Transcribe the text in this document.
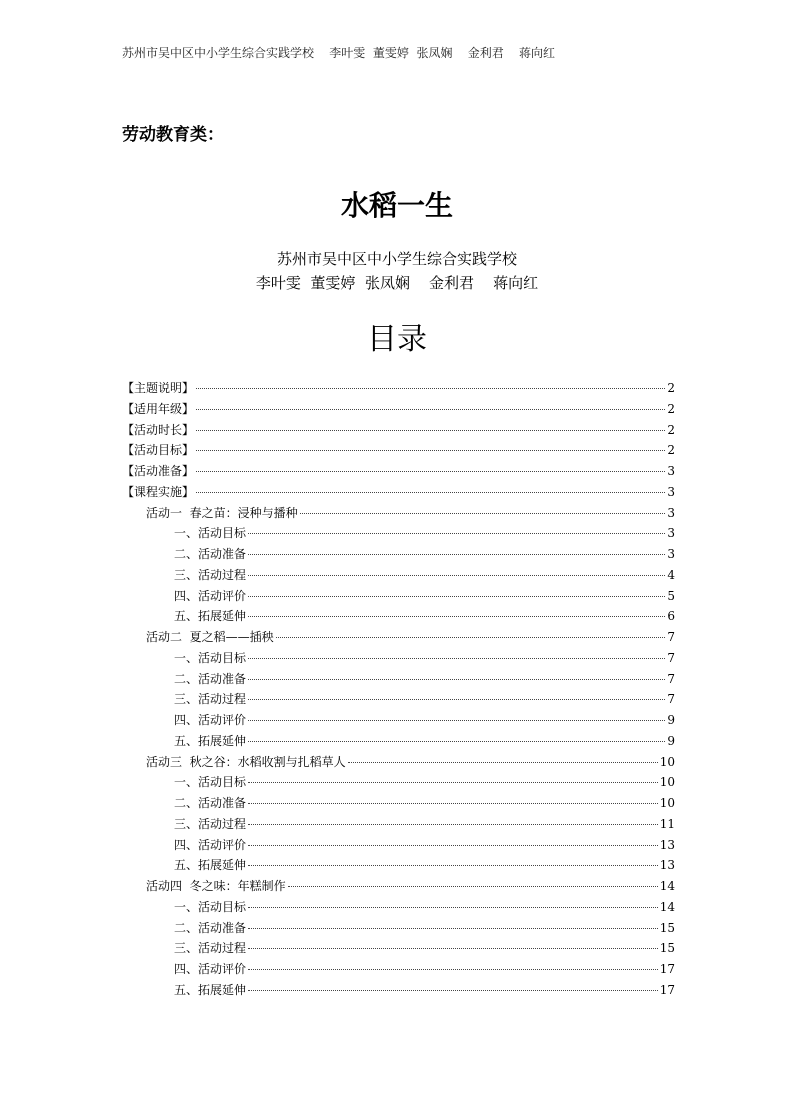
苏州市吴中区中小学生综合实践学校    李叶雯  董雯婷  张凤娴    金利君    蒋向红
劳动教育类：
水稻一生
苏州市吴中区中小学生综合实践学校
李叶雯  董雯婷  张凤娴    金利君    蒋向红
目录
【主题说明】	2
【适用年级】	2
【活动时长】	2
【活动目标】	2
【活动准备】	3
【课程实施】	3
活动一  春之苗：浸种与播种	3
一、活动目标	3
二、活动准备	3
三、活动过程	4
四、活动评价	5
五、拓展延伸	6
活动二  夏之稻——插秧	7
一、活动目标	7
二、活动准备	7
三、活动过程	7
四、活动评价	9
五、拓展延伸	9
活动三  秋之谷：水稻收割与扎稻草人	10
一、活动目标	10
二、活动准备	10
三、活动过程	11
四、活动评价	13
五、拓展延伸	13
活动四  冬之味：年糕制作	14
一、活动目标	14
二、活动准备	15
三、活动过程	15
四、活动评价	17
五、拓展延伸	17
